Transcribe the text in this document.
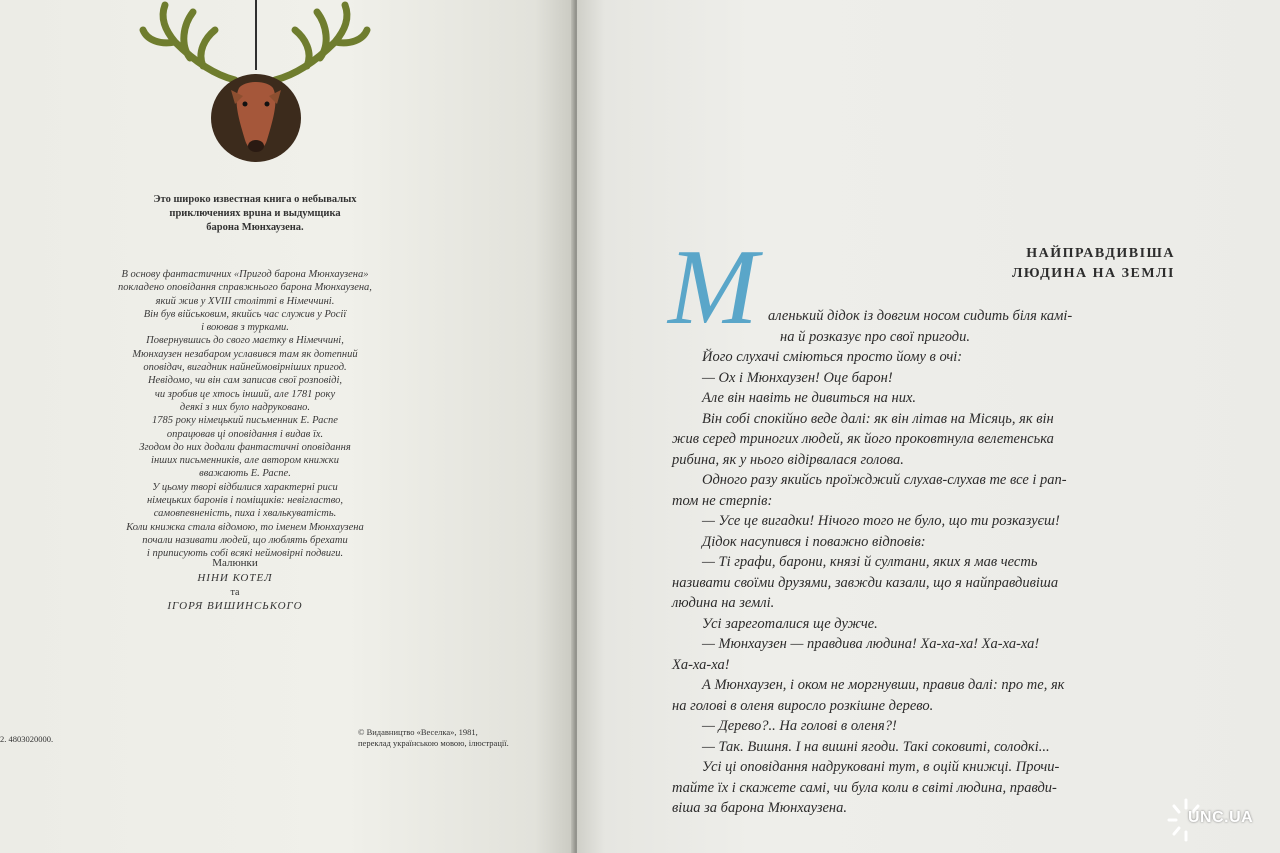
Это широко известная книга о небывалых
приключениях врuна и выдумщика
барона Мюнхаузена.
В основу фантастичних «Пригод барона Мюнхаузена»
покладено оповідання справжнього барона Мюнхаузена,
який жив у XVIII столітті в Німеччині.
Він був військовим, якийсь час служив у Росії
і воював з турками.
Повернувшись до свого маєтку в Німеччині,
Мюнхаузен незабаром уславився там як дотепний
оповідач, вигадник найнеймовірніших пригод.
Невідомо, чи він сам записав свої розповіді,
чи зробив це хтось інший, але 1781 року
деякі з них було надруковано.
1785 року німецький письменник Е. Распе
опрацював ці оповідання і видав їх.
Згодом до них додали фантастичні оповідання
інших письменників, але автором книжки
вважають Е. Распе.
У цьому творі відбилися характерні риси
німецьких баронів і поміщиків: невігластво,
самовпевненість, пиха і хвалькуватість.
Коли книжка стала відомою, то іменем Мюнхаузена
почали називати людей, що люблять брехати
і приписують собі всякі неймовірні подвиги.
Малюнки
НІНИ КОТЕЛ
та
ІГОРЯ ВИШИНСЬКОГО
2. 4803020000.
© Видавництво «Веселка», 1981,
переклад українською мовою, ілюстрації.
НАЙПРАВДИВІША
ЛЮДИНА НА ЗЕМЛІ
М аленький дідок із довгим носом сидить біля камі-
на й розказує про свої пригоди.
Його слухачі сміються просто йому в очі:
— Ох і Мюнхаузен! Оце барон!
Але він навіть не дивиться на них.
Він собі спокійно веде далі: як він літав на Місяць, як він
жив серед триногих людей, як його проковтнула велетенська
рибина, як у нього відірвалася голова.
Одного разу якийсь проїжджий слухав-слухав те все і рап-
том не стерпів:
— Усе це вигадки! Нічого того не було, що ти розказуєш!
Дідок насупився і поважно відповів:
— Ті графи, барони, князі й султани, яких я мав честь
називати своїми друзями, завжди казали, що я найправдивіша
людина на землі.
Усі зареготалися ще дужче.
— Мюнхаузен — правдива людина! Ха-ха-ха! Ха-ха-ха!
Ха-ха-ха!
А Мюнхаузен, і оком не моргнувши, правив далі: про те, як
на голові в оленя виросло розкішне дерево.
— Дерево?.. На голові в оленя?!
— Так. Вишня. І на вишні ягоди. Такі соковиті, солодкі...
Усі ці оповідання надруковані тут, в оцій книжці. Прочи-
тайте їх і скажете самі, чи була коли в світі людина, правди-
віша за барона Мюнхаузена.
UNC.UA
